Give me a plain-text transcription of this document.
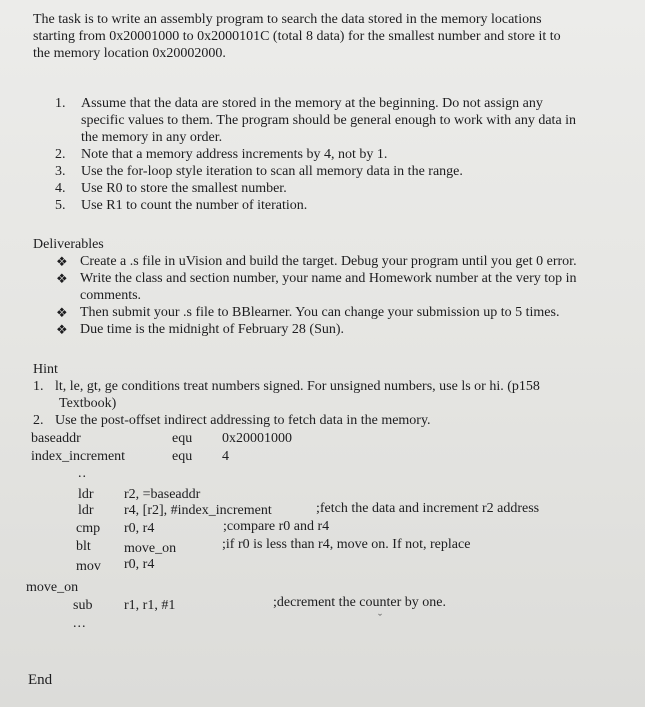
The task is to write an assembly program to search the data stored in the memory locations

starting from 0x20001000 to 0x2000101C (total 8 data) for the smallest number and store it to

the memory location 0x20002000.

1.	Assume that the data are stored in the memory at the beginning. Do not assign any
specific values to them. The program should be general enough to work with any data in
the memory in any order.
2.	Note that a memory address increments by 4, not by 1.
3.	Use the for-loop style iteration to scan all memory data in the range.
4.	Use R0 to store the smallest number.
5.	Use R1 to count the number of iteration.
Deliverables
❖ Create a .s file in uVision and build the target. Debug your program until you get 0 error.
❖ Write the class and section number, your name and Homework number at the very top in
comments.
❖ Then submit your .s file to BBlearner. You can change your submission up to 5 times.
❖ Due time is the midnight of February 28 (Sun).
Hint
1. lt, le, gt, ge conditions treat numbers signed. For unsigned numbers, use ls or hi. (p158
Textbook)
2. Use the post-offset indirect addressing to fetch data in the memory.
baseaddr	equ 0x20001000
index_increment	equ 4
..
ldr r2, =baseaddr
ldr r4, [r2], #index_increment	;fetch the data and increment r2 address
cmp r0, r4	;compare r0 and r4
blt move_on	;if r0 is less than r4, move on. If not, replace
mov r0, r4
move_on
sub r1, r1, #1	;decrement the counter by one.
ˇ
...
End
